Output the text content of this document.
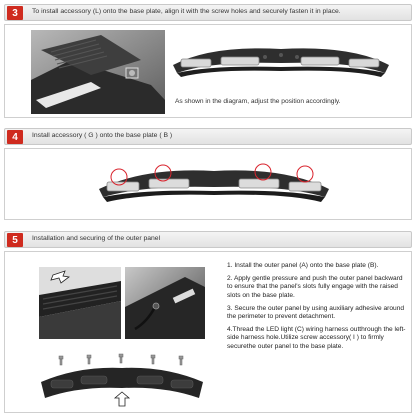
3	To install accessory (L) onto the base plate, align it with the screw holes and securely fasten it in place.
As shown in the diagram, adjust the position accordingly.
4	Install accessory ( G ) onto the base plate ( B )
5	Installation and securing of the outer panel

1. Install the outer panel (A) onto the base plate (B).

2. Apply gentle pressure and push the outer panel backward to ensure that the panel's slots fully engage with the raised slots on the base plate.

3. Secure the outer panel by using auxiliary adhesive around the perimeter to prevent detachment.

4.Thread the LED light (C) wiring harness outthrough the left-side harness hole.Utilize screw accessory( I ) to firmly securethe outer panel to the base plate.
